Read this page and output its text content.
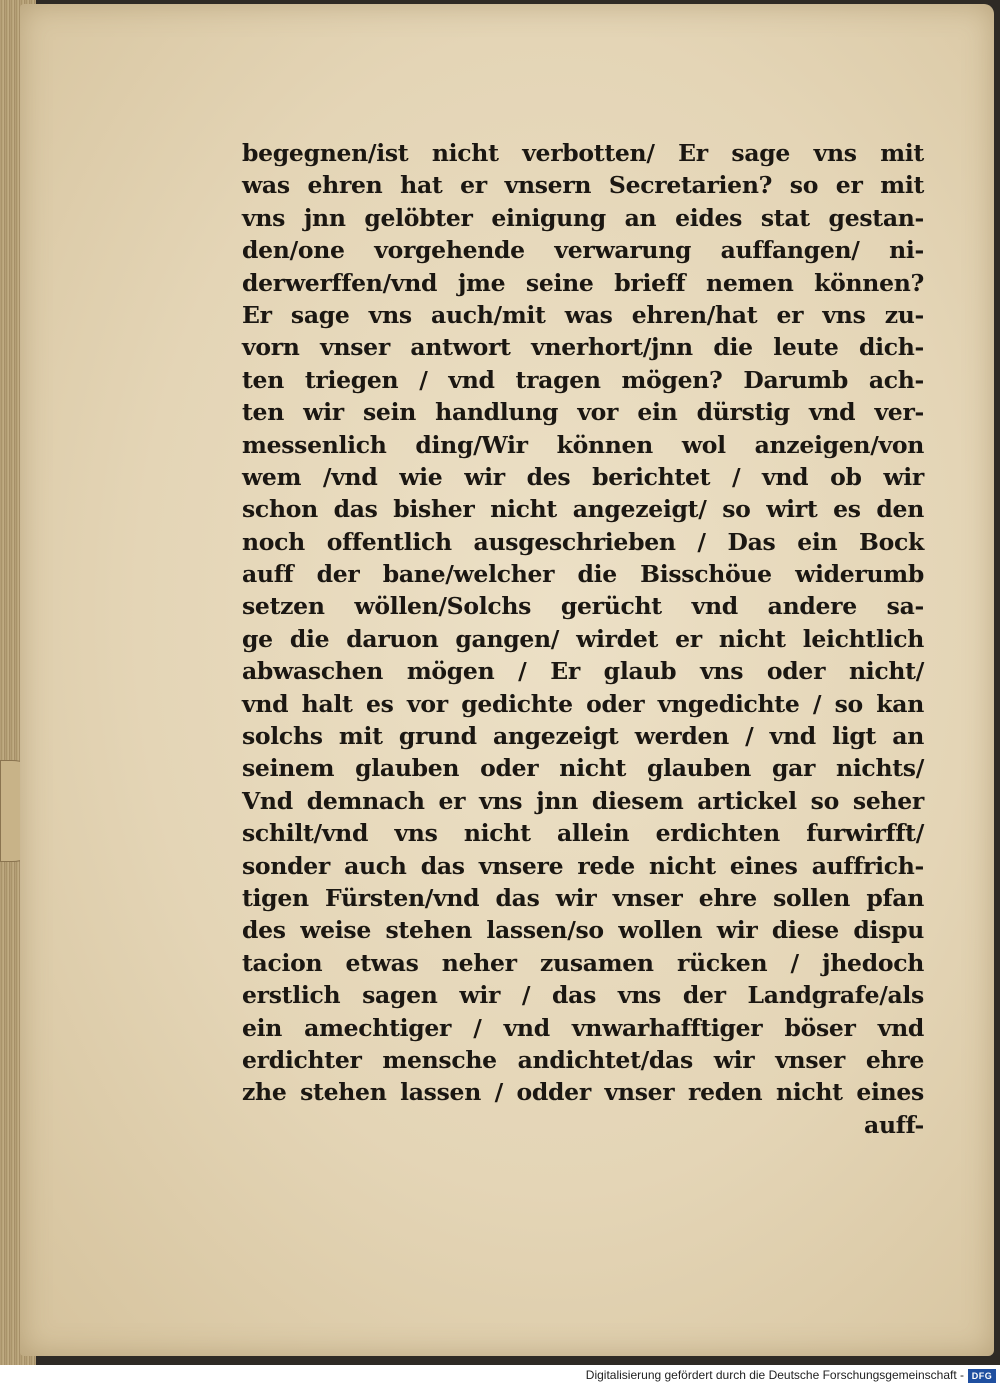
begegnen/ist nicht verbotten/ Er sage vns mit
was ehren hat er vnsern Secretarien? so er mit
vns jnn gelöbter einigung an eides stat gestan-
den/one vorgehende verwarung auffangen/ ni-
derwerffen/vnd jme seine brieff nemen können?
Er sage vns auch/mit was ehren/hat er vns zu-
vorn vnser antwort vnerhort/jnn die leute dich-
ten triegen / vnd tragen mögen? Darumb ach-
ten wir sein handlung vor ein dürstig vnd ver-
messenlich ding/Wir können wol anzeigen/von
wem /vnd wie wir des berichtet / vnd ob wir
schon das bisher nicht angezeigt/ so wirt es den
noch offentlich ausgeschrieben / Das ein Bock
auff der bane/welcher die Bisschöue widerumb
setzen wöllen/Solchs gerücht vnd andere sa-
ge die daruon gangen/ wirdet er nicht leichtlich
abwaschen mögen / Er glaub vns oder nicht/
vnd halt es vor gedichte oder vngedichte / so kan
solchs mit grund angezeigt werden / vnd ligt an
seinem glauben oder nicht glauben gar nichts/
Vnd demnach er vns jnn diesem artickel so seher
schilt/vnd vns nicht allein erdichten furwirfft/
sonder auch das vnsere rede nicht eines auffrich-
tigen Fürsten/vnd das wir vnser ehre sollen pfan
des weise stehen lassen/so wollen wir diese dispu
tacion etwas neher zusamen rücken / jhedoch
erstlich sagen wir / das vns der Landgrafe/als
ein amechtiger / vnd vnwarhafftiger böser vnd
erdichter mensche andichtet/das wir vnser ehre
zhe stehen lassen / odder vnser reden nicht eines
auff-
Digitalisierung gefördert durch die Deutsche Forschungsgemeinschaft - DFG
